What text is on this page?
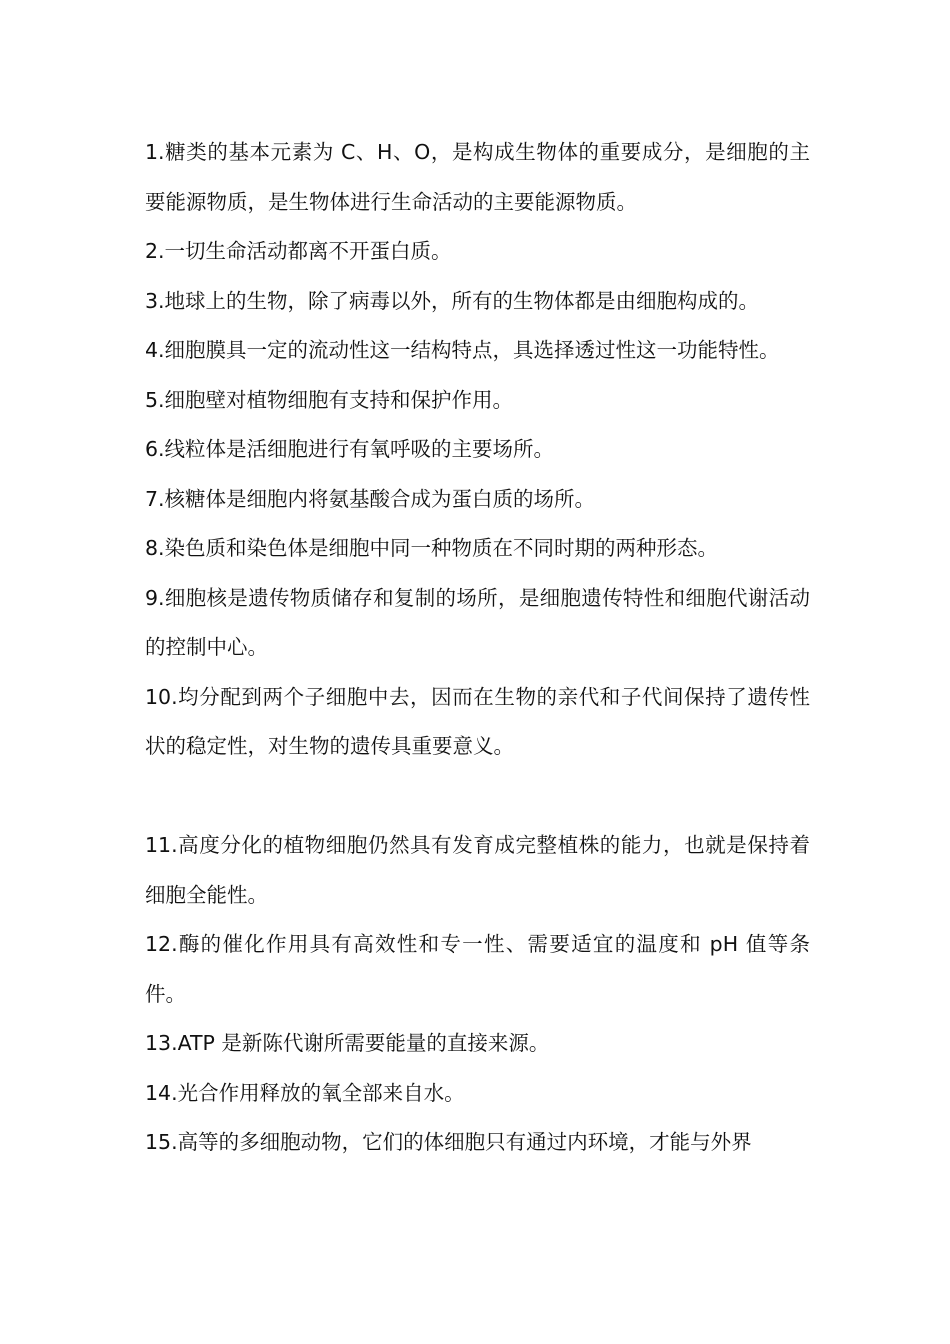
1.糖类的基本元素为 C、H、O，是构成生物体的重要成分，是细胞的主要能源物质，是生物体进行生命活动的主要能源物质。

2.一切生命活动都离不开蛋白质。

3.地球上的生物，除了病毒以外，所有的生物体都是由细胞构成的。

4.细胞膜具一定的流动性这一结构特点，具选择透过性这一功能特性。

5.细胞壁对植物细胞有支持和保护作用。

6.线粒体是活细胞进行有氧呼吸的主要场所。

7.核糖体是细胞内将氨基酸合成为蛋白质的场所。

8.染色质和染色体是细胞中同一种物质在不同时期的两种形态。

9.细胞核是遗传物质储存和复制的场所，是细胞遗传特性和细胞代谢活动的控制中心。

10.均分配到两个子细胞中去，因而在生物的亲代和子代间保持了遗传性状的稳定性，对生物的遗传具重要意义。

11.高度分化的植物细胞仍然具有发育成完整植株的能力，也就是保持着细胞全能性。

12.酶的催化作用具有高效性和专一性、需要适宜的温度和 pH 值等条件。

13.ATP 是新陈代谢所需要能量的直接来源。

14.光合作用释放的氧全部来自水。

15.高等的多细胞动物，它们的体细胞只有通过内环境，才能与外界
